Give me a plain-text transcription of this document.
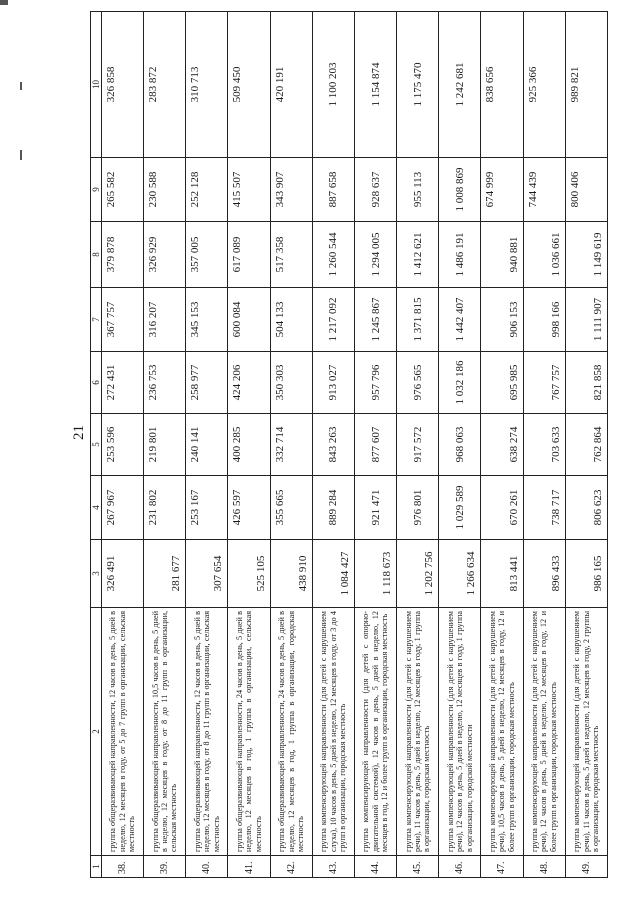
21
1	2	3	4	5	6	7	8	9	10
38.	группа общеразвивающей направленности, 12 часов в день, 5 дней в неделю, 12 месяцев в году, от 5 до 7 групп в организации, сельская местность	326 491	267 967	253 596	272 431	367 757	379 878	265 582	326 858
39.	группа общеразвивающей направленности, 10,5 часов в день, 5 дней в неделю, 12 месяцев в году, от 8 до 11 групп в организации, сельская местность	281 677	231 802	219 801	236 753	316 207	326 929	230 588	283 872
40.	группа общеразвивающей направленности, 12 часов в день, 5 дней в неделю, 12 месяцев в году, от 8 до 11 групп в организации, сельская местность	307 654	253 167	240 141	258 977	345 153	357 005	252 128	310 713
41.	группа общеразвивающей направленности, 24 часов в день, 5 дней в неделю, 12 месяцев в год, 1 группа в организации, сельская местность	525 105	426 597	400 285	424 206	600 084	617 089	415 507	509 450
42.	группа общеразвивающей направленности, 24 часов в день, 5 дней в неделю, 12 месяцев в год, 1 группа в организации, городская местность	438 910	355 665	332 714	350 303	504 133	517 358	343 907	420 191
43.	группа компенсирующей направленности (для детей с нарушением слуха), 10 часов в день, 5 дней в неделю, 12 месяцев в году, от 3 до 4 групп в организации, городская местность	1 084 427	889 284	843 263	913 027	1 217 092	1 260 544	887 658	1 100 203
44.	группа компенсирующей направленности (для детей с опорно-двигательной системой), 12 часов в день, 5 дней в неделю, 12 месяцев в год, 12 и более групп в организации, городская местность	1 118 673	921 471	877 607	957 796	1 245 867	1 294 005	928 637	1 154 874
45.	группа компенсирующей направленности (для детей с нарушением речи), 11 часов в день, 5 дней в неделю, 12 месяцев в году, 1 группа в организации, городская местность	1 202 756	976 801	917 572	976 565	1 371 815	1 412 621	955 113	1 175 470
46.	группа компенсирующей направленности (для детей с нарушением речи), 12 часов в день, 5 дней в неделю, 12 месяцев в году, 1 группа в организации, городской местности	1 266 634	1 029 589	968 063	1 032 186	1 442 407	1 486 191	1 008 869	1 242 681
47.	группа компенсирующей направленности (для детей с нарушением речи), 10,5 часов в день, 5 дней в неделю, 12 месяцев в году, 12 и более групп в организации, городская местность	813 441	670 261	638 274	695 985	906 153	940 881	674 999	838 656
48.	группа компенсирующей направленности (для детей с нарушением речи), 12 часов в день, 5 дней в неделю, 12 месяцев в году, 12 и более групп в организации, городская местность	896 433	738 717	703 633	767 757	998 166	1 036 661	744 439	925 366
49.	группа компенсирующей направленности (для детей с нарушением речи), 11 часов в день, 5 дней в неделю, 12 месяцев в году, 2 группы в организации, городская местность	986 165	806 623	762 864	821 858	1 111 907	1 149 619	800 406	989 821
